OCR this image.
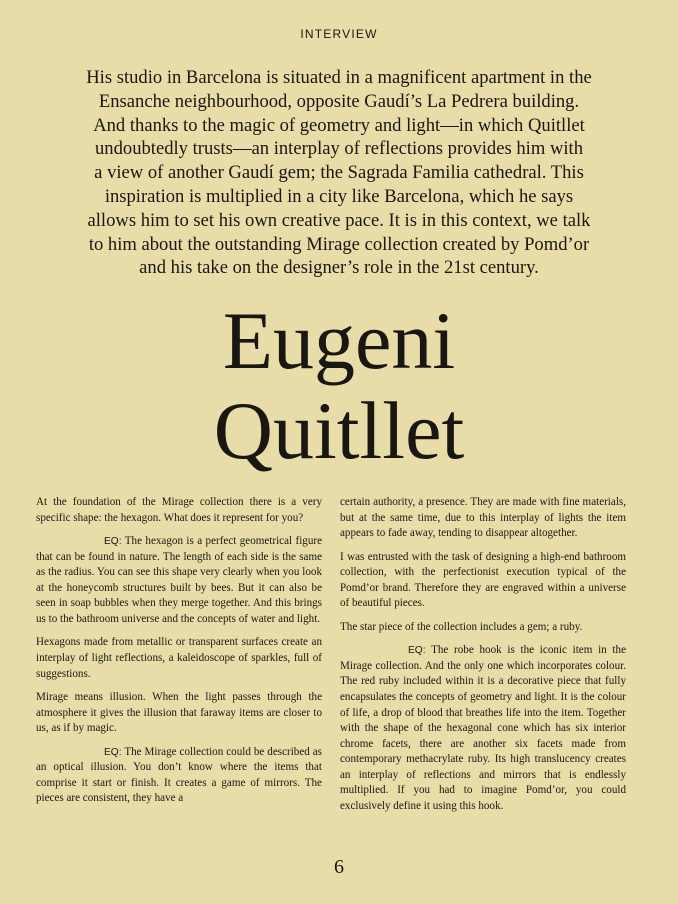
INTERVIEW

His studio in Barcelona is situated in a magnificent apartment in the

Ensanche neighbourhood, opposite Gaudí’s La Pedrera building.

And thanks to the magic of geometry and light—in which Quitllet

undoubtedly trusts—an interplay of reflections provides him with

a view of another Gaudí gem; the Sagrada Familia cathedral. This

inspiration is multiplied in a city like Barcelona, which he says

allows him to set his own creative pace. It is in this context, we talk

to him about the outstanding Mirage collection created by Pomd’or

and his take on the designer’s role in the 21st century.

Eugeni
Quitllet

At the foundation of the Mirage collection there is a very specific shape: the hexagon. What does it represent for you?

EQ: The hexagon is a perfect geometrical figure that can be found in nature. The length of each side is the same as the radius. You can see this shape very clearly when you look at the honeycomb structures built by bees. But it can also be seen in soap bubbles when they merge together. And this brings us to the bathroom universe and the concepts of water and light.

Hexagons made from metallic or transparent surfaces create an interplay of light reflections, a kaleidoscope of sparkles, full of suggestions.

Mirage means illusion. When the light passes through the atmosphere it gives the illusion that faraway items are closer to us, as if by magic.

EQ: The Mirage collection could be described as an optical illusion. You don’t know where the items that comprise it start or finish. It creates a game of mirrors. The pieces are consistent, they have a

certain authority, a presence. They are made with fine materials, but at the same time, due to this interplay of lights the item appears to fade away, tending to disappear altogether.

I was entrusted with the task of designing a high-end bathroom collection, with the perfectionist execution typical of the Pomd’or brand. Therefore they are engraved within a universe of beautiful pieces.

The star piece of the collection includes a gem; a ruby.

EQ: The robe hook is the iconic item in the Mirage collection. And the only one which incorporates colour. The red ruby included within it is a decorative piece that fully encapsulates the concepts of geometry and light. It is the colour of life, a drop of blood that breathes life into the item. Together with the shape of the hexagonal cone which has six interior chrome facets, there are another six facets made from contemporary methacrylate ruby. Its high translucency creates an interplay of reflections and mirrors that is endlessly multiplied. If you had to imagine Pomd’or, you could exclusively define it using this hook.

6
